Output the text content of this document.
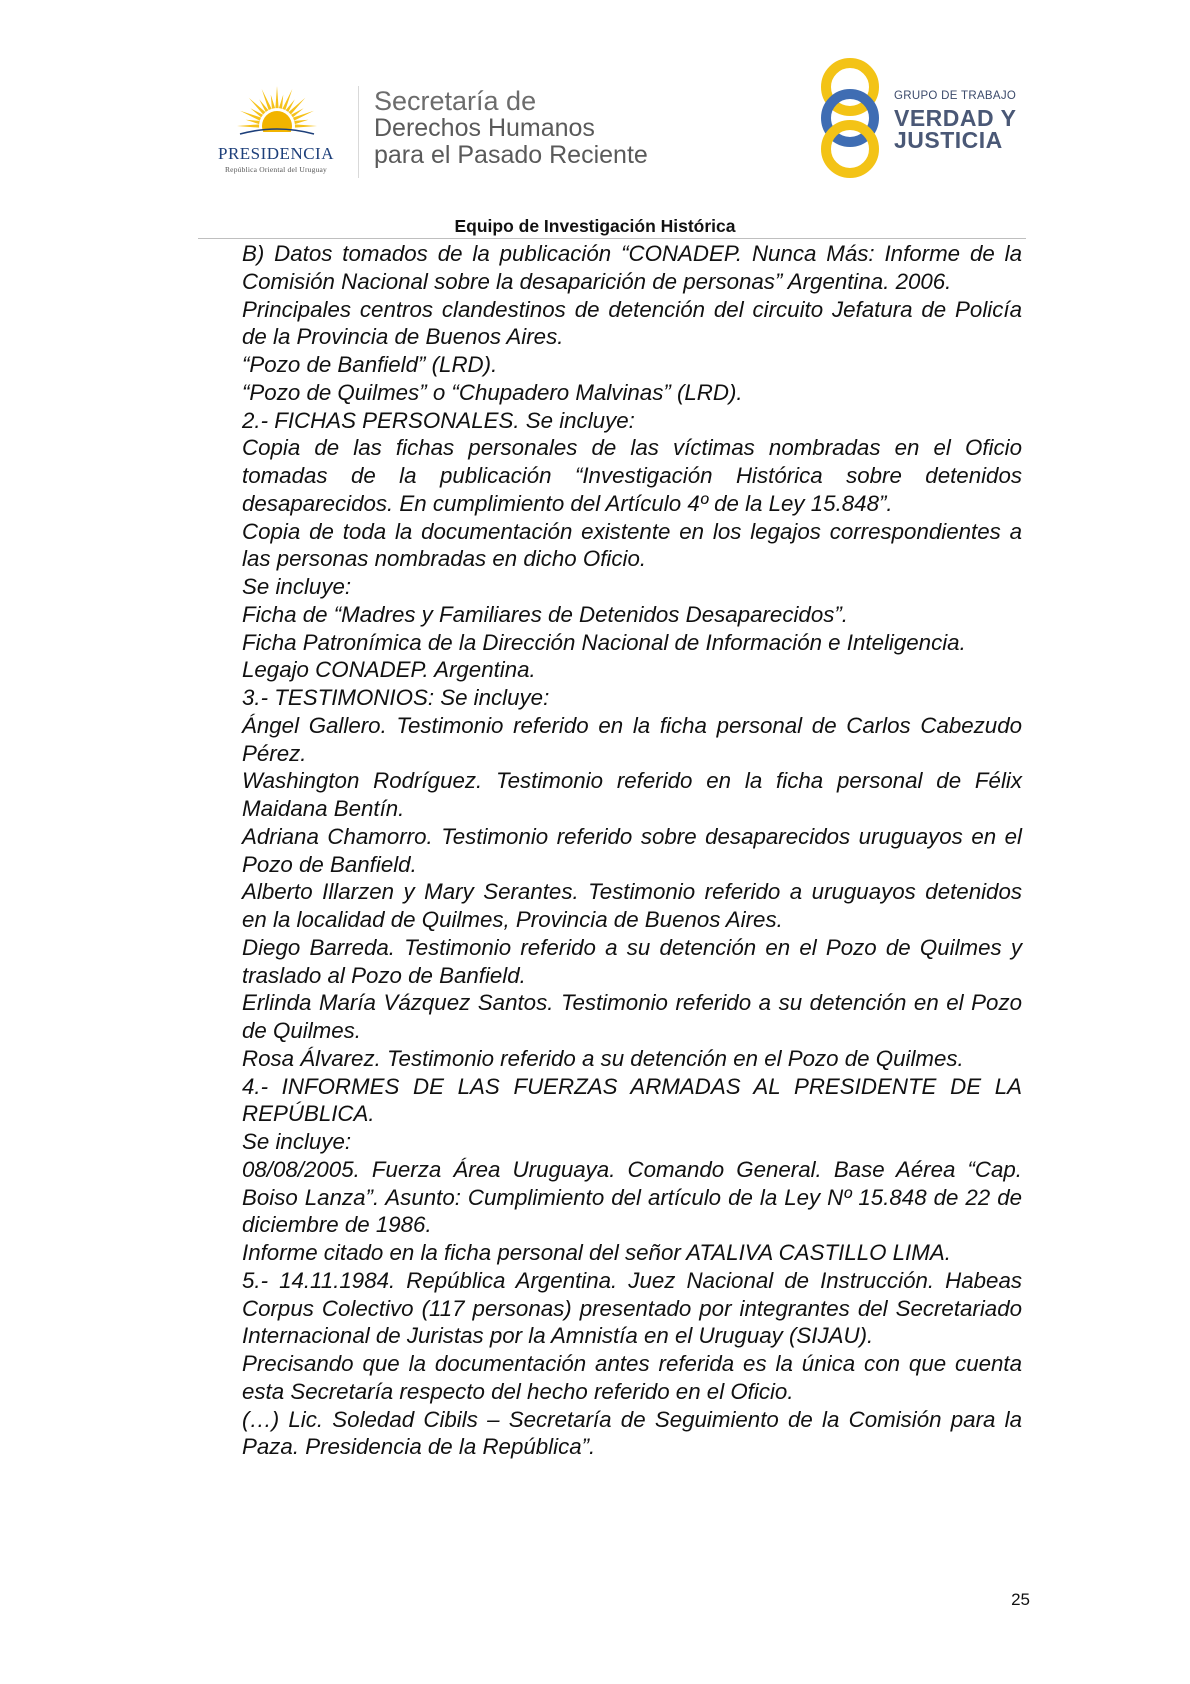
PRESIDENCIA
República Oriental del Uruguay
Secretaría de
Derechos Humanos
para el Pasado Reciente
GRUPO DE TRABAJO
VERDAD Y
JUSTICIA
Equipo de Investigación Histórica

B) Datos tomados de la publicación “CONADEP. Nunca Más: Informe de la Comisión Nacional sobre la desaparición de personas” Argentina. 2006.

Principales centros clandestinos de detención del circuito Jefatura de Policía de la Provincia de Buenos Aires.

“Pozo de Banfield” (LRD).

“Pozo de Quilmes” o “Chupadero Malvinas” (LRD).

2.- FICHAS PERSONALES. Se incluye:

Copia de las fichas personales de las víctimas nombradas en el Oficio tomadas de la publicación “Investigación Histórica sobre detenidos desaparecidos. En cumplimiento del Artículo 4º de la Ley 15.848”.

Copia de toda la documentación existente en los legajos correspondientes a las personas nombradas en dicho Oficio.

Se incluye:

Ficha de “Madres y Familiares de Detenidos Desaparecidos”.

Ficha Patronímica de la Dirección Nacional de Información e Inteligencia.

Legajo CONADEP. Argentina.

3.- TESTIMONIOS: Se incluye:

Ángel Gallero. Testimonio referido en la ficha personal de Carlos Cabezudo Pérez.

Washington Rodríguez. Testimonio referido en la ficha personal de Félix Maidana Bentín.

Adriana Chamorro. Testimonio referido sobre desaparecidos uruguayos en el Pozo de Banfield.

Alberto Illarzen y Mary Serantes. Testimonio referido a uruguayos detenidos en la localidad de Quilmes, Provincia de Buenos Aires.

Diego Barreda. Testimonio referido a su detención en el Pozo de Quilmes y traslado al Pozo de Banfield.

Erlinda María Vázquez Santos. Testimonio referido a su detención en el Pozo de Quilmes.

Rosa Álvarez. Testimonio referido a su detención en el Pozo de Quilmes.

4.- INFORMES DE LAS FUERZAS ARMADAS AL PRESIDENTE DE LA REPÚBLICA.

Se incluye:

08/08/2005. Fuerza Área Uruguaya. Comando General. Base Aérea “Cap. Boiso Lanza”. Asunto: Cumplimiento del artículo de la Ley Nº 15.848 de 22 de diciembre de 1986.

Informe citado en la ficha personal del señor ATALIVA CASTILLO LIMA.

5.- 14.11.1984. República Argentina. Juez Nacional de Instrucción. Habeas Corpus Colectivo (117 personas) presentado por integrantes del Secretariado Internacional de Juristas por la Amnistía en el Uruguay (SIJAU).

Precisando que la documentación antes referida es la única con que cuenta esta Secretaría respecto del hecho referido en el Oficio.

(…) Lic. Soledad Cibils – Secretaría de Seguimiento de la Comisión para la Paza. Presidencia de la República”.

25
